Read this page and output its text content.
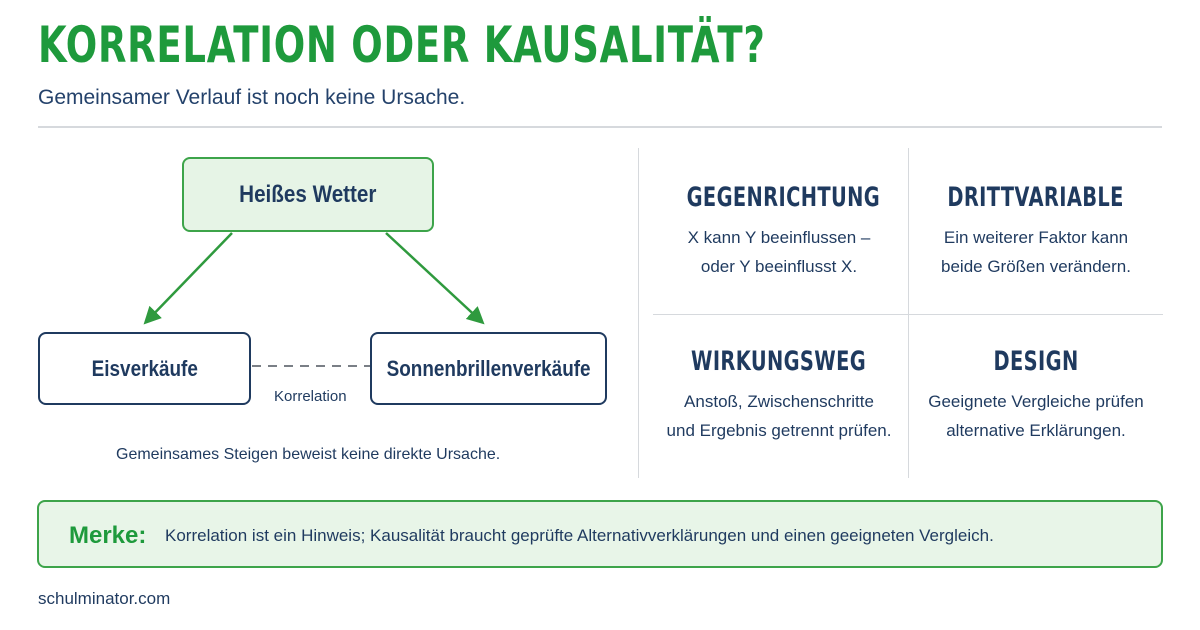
KORRELATION ODER KAUSALITÄT?
Gemeinsamer Verlauf ist noch keine Ursache.
Heißes Wetter
Eisverkäufe	Sonnenbrillenverkäufe
Korrelation
Gemeinsames Steigen beweist keine direkte Ursache.
GEGENRICHTUNG
X kann Y beeinflussen –
oder Y beeinflusst X.
DRITTVARIABLE
Ein weiterer Faktor kann
beide Größen verändern.
WIRKUNGSWEG
Anstoß, Zwischenschritte
und Ergebnis getrennt prüfen.
DESIGN
Geeignete Vergleiche prüfen
alternative Erklärungen.
Merke: Korrelation ist ein Hinweis; Kausalität braucht geprüfte Alternativverklärungen und einen geeigneten Vergleich.
schulminator.com
